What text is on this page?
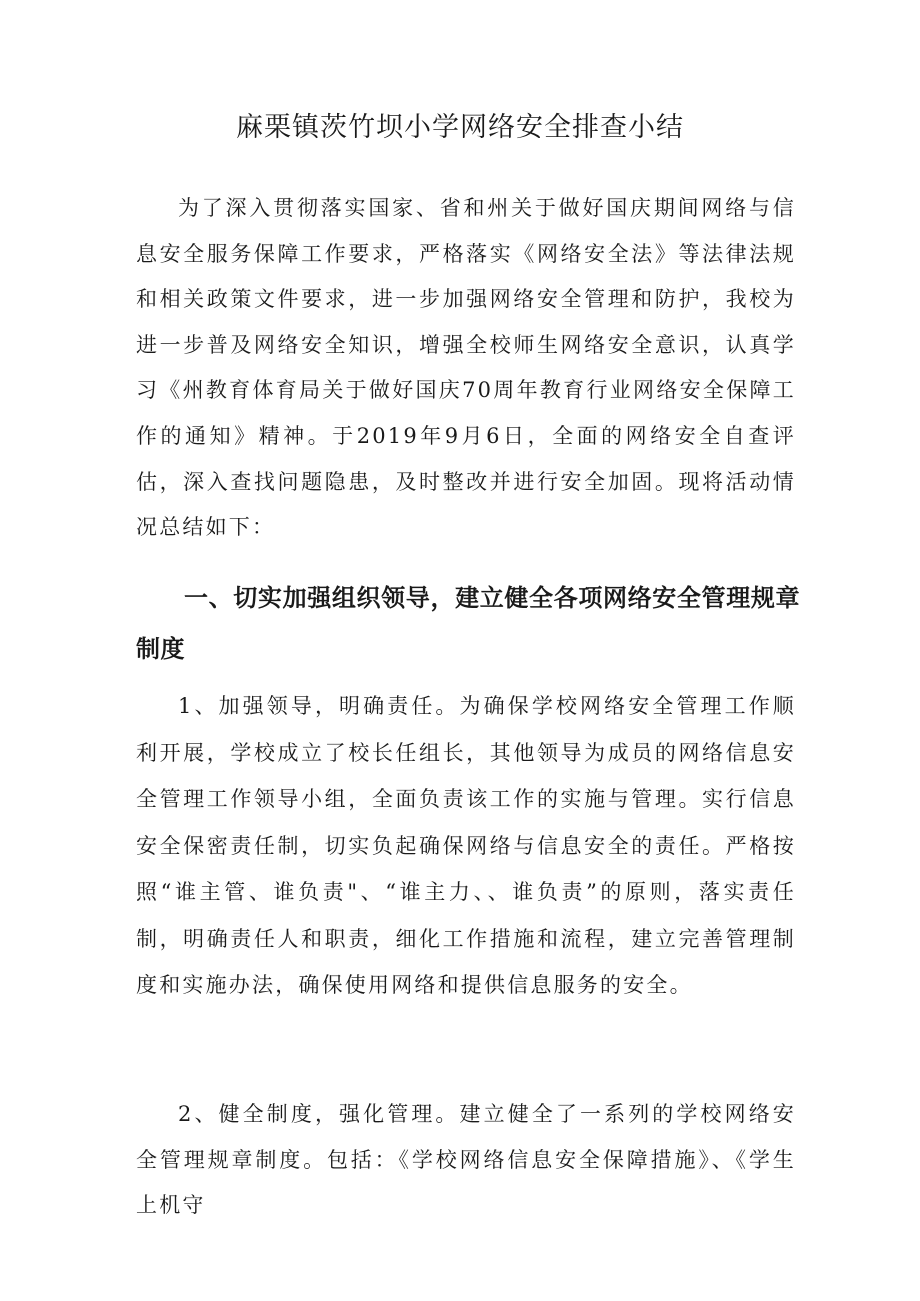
麻栗镇茨竹坝小学网络安全排查小结

为了深入贯彻落实国家、省和州关于做好国庆期间网络与信息安全服务保障工作要求，严格落实《网络安全法》等法律法规和相关政策文件要求，进一步加强网络安全管理和防护，我校为进一步普及网络安全知识，增强全校师生网络安全意识，认真学习《州教育体育局关于做好国庆70周年教育行业网络安全保障工作的通知》精神。于2019年9月6日，全面的网络安全自查评估，深入查找问题隐患，及时整改并进行安全加固。现将活动情况总结如下：

一、切实加强组织领导，建立健全各项网络安全管理规章制度

1、加强领导，明确责任。为确保学校网络安全管理工作顺利开展，学校成立了校长任组长，其他领导为成员的网络信息安全管理工作领导小组，全面负责该工作的实施与管理。实行信息安全保密责任制，切实负起确保网络与信息安全的责任。严格按照“谁主管、谁负责"、“谁主力、、谁负责”的原则，落实责任制，明确责任人和职责，细化工作措施和流程，建立完善管理制度和实施办法，确保使用网络和提供信息服务的安全。

2、健全制度，强化管理。建立健全了一系列的学校网络安全管理规章制度。包括：《学校网络信息安全保障措施》、《学生上机守
